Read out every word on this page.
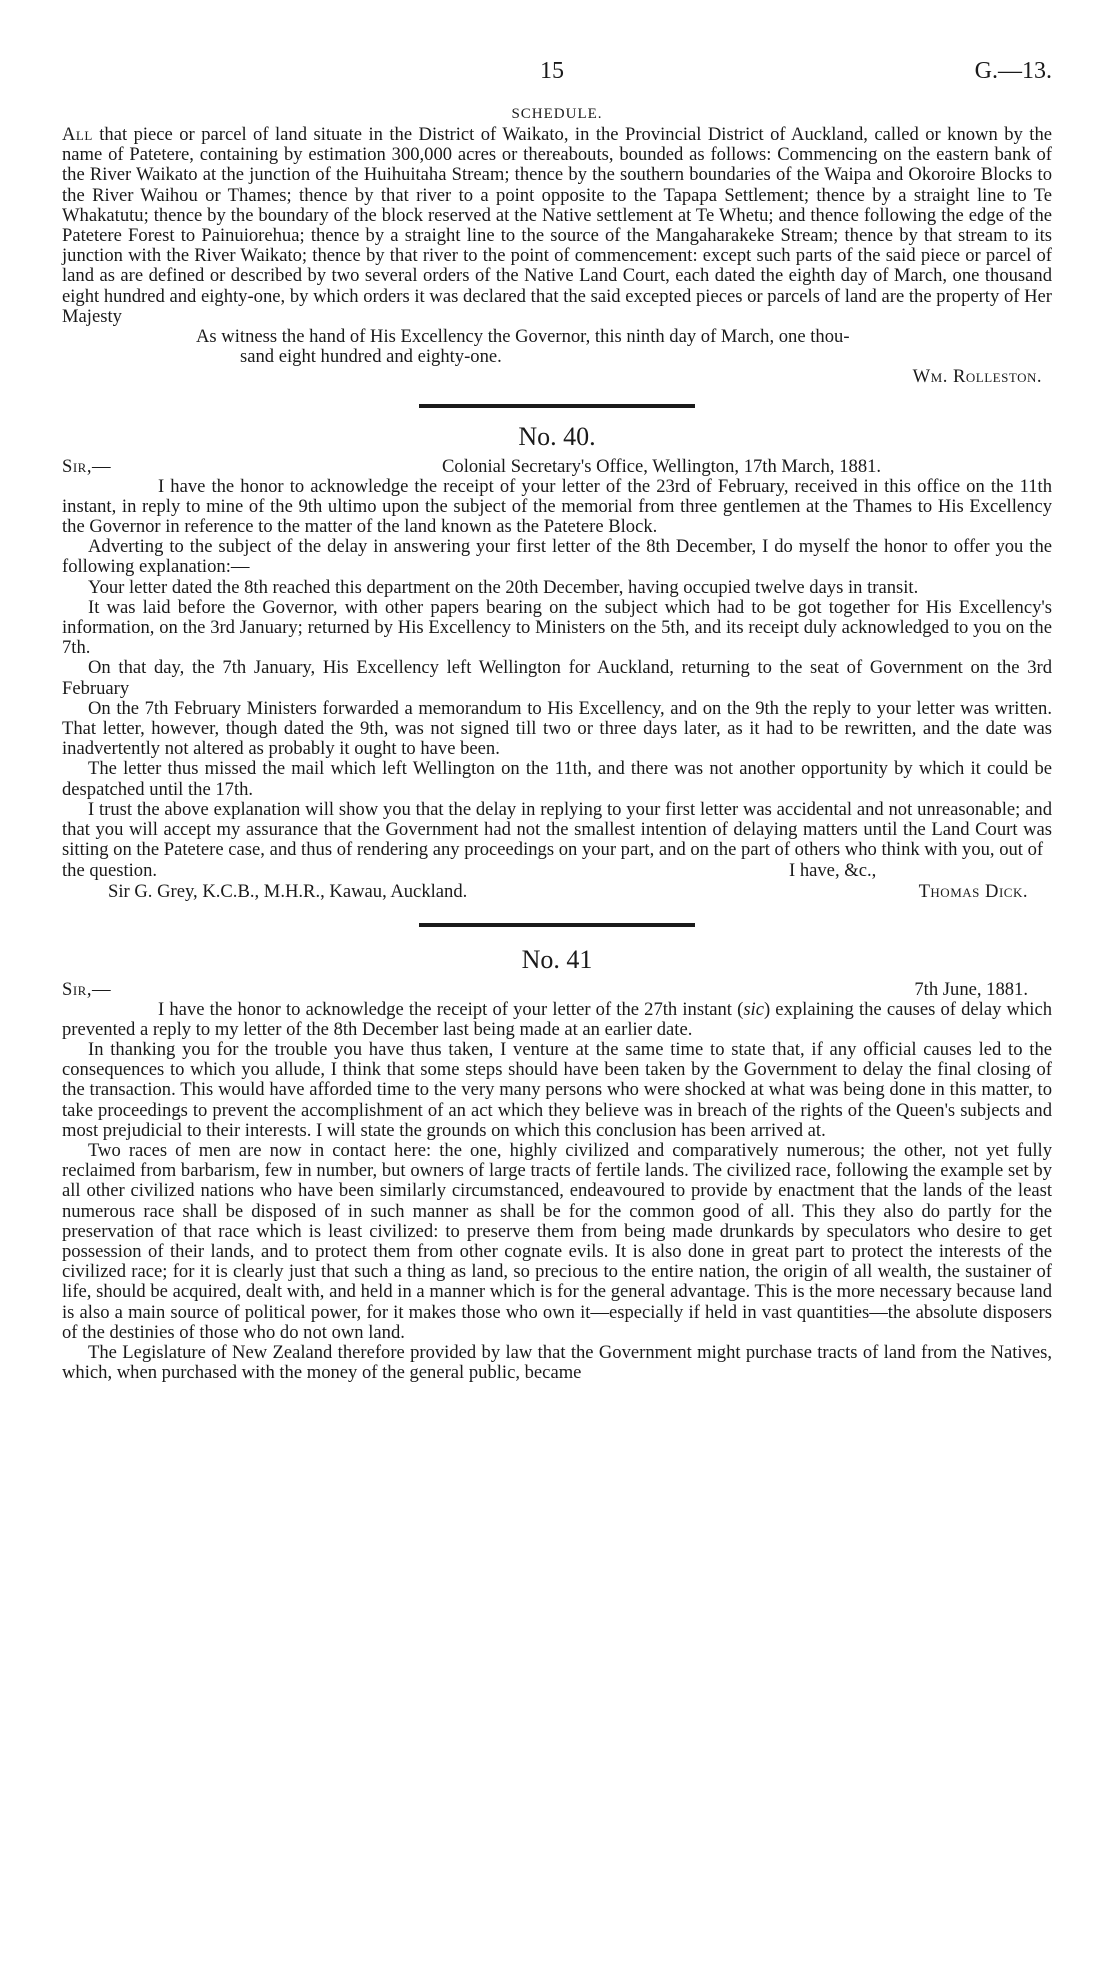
15	G.—13.
SCHEDULE.

All that piece or parcel of land situate in the District of Waikato, in the Provincial District of Auckland, called or known by the name of Patetere, containing by estimation 300,000 acres or thereabouts, bounded as follows: Commencing on the eastern bank of the River Waikato at the junction of the Huihuitaha Stream; thence by the southern boundaries of the Waipa and Okoroire Blocks to the River Waihou or Thames; thence by that river to a point opposite to the Tapapa Settlement; thence by a straight line to Te Whakatutu; thence by the boundary of the block reserved at the Native settlement at Te Whetu; and thence following the edge of the Patetere Forest to Painuiorehua; thence by a straight line to the source of the Mangaharakeke Stream; thence by that stream to its junction with the River Waikato; thence by that river to the point of commencement: except such parts of the said piece or parcel of land as are defined or described by two several orders of the Native Land Court, each dated the eighth day of March, one thousand eight hundred and eighty-one, by which orders it was declared that the said excepted pieces or parcels of land are the property of Her Majesty

As witness the hand of His Excellency the Governor, this ninth day of March, one thou-

sand eight hundred and eighty-one.

Wm. Rolleston.

No. 40.
Sir,—	Colonial Secretary's Office, Wellington, 17th March, 1881.

I have the honor to acknowledge the receipt of your letter of the 23rd of February, received in this office on the 11th instant, in reply to mine of the 9th ultimo upon the subject of the memorial from three gentlemen at the Thames to His Excellency the Governor in reference to the matter of the land known as the Patetere Block.

Adverting to the subject of the delay in answering your first letter of the 8th December, I do myself the honor to offer you the following explanation:—

Your letter dated the 8th reached this department on the 20th December, having occupied twelve days in transit.

It was laid before the Governor, with other papers bearing on the subject which had to be got together for His Excellency's information, on the 3rd January; returned by His Excellency to Ministers on the 5th, and its receipt duly acknowledged to you on the 7th.

On that day, the 7th January, His Excellency left Wellington for Auckland, returning to the seat of Government on the 3rd February

On the 7th February Ministers forwarded a memorandum to His Excellency, and on the 9th the reply to your letter was written. That letter, however, though dated the 9th, was not signed till two or three days later, as it had to be rewritten, and the date was inadvertently not altered as probably it ought to have been.

The letter thus missed the mail which left Wellington on the 11th, and there was not another opportunity by which it could be despatched until the 17th.

I trust the above explanation will show you that the delay in replying to your first letter was accidental and not unreasonable; and that you will accept my assurance that the Government had not the smallest intention of delaying matters until the Land Court was sitting on the Patetere case, and thus of rendering any proceedings on your part, and on the part of others who think with you, out of

the question.	I have, &c.,
Sir G. Grey, K.C.B., M.H.R., Kawau, Auckland.	Thomas Dick.
No. 41
Sir,—	7th June, 1881.

I have the honor to acknowledge the receipt of your letter of the 27th instant (sic) explaining the causes of delay which prevented a reply to my letter of the 8th December last being made at an earlier date.

In thanking you for the trouble you have thus taken, I venture at the same time to state that, if any official causes led to the consequences to which you allude, I think that some steps should have been taken by the Government to delay the final closing of the transaction. This would have afforded time to the very many persons who were shocked at what was being done in this matter, to take proceedings to prevent the accomplishment of an act which they believe was in breach of the rights of the Queen's subjects and most prejudicial to their interests. I will state the grounds on which this conclusion has been arrived at.

Two races of men are now in contact here: the one, highly civilized and comparatively numerous; the other, not yet fully reclaimed from barbarism, few in number, but owners of large tracts of fertile lands. The civilized race, following the example set by all other civilized nations who have been similarly circumstanced, endeavoured to provide by enactment that the lands of the least numerous race shall be disposed of in such manner as shall be for the common good of all. This they also do partly for the preservation of that race which is least civilized: to preserve them from being made drunkards by speculators who desire to get possession of their lands, and to protect them from other cognate evils. It is also done in great part to protect the interests of the civilized race; for it is clearly just that such a thing as land, so precious to the entire nation, the origin of all wealth, the sustainer of life, should be acquired, dealt with, and held in a manner which is for the general advantage. This is the more necessary because land is also a main source of political power, for it makes those who own it—especially if held in vast quantities—the absolute disposers of the destinies of those who do not own land.

The Legislature of New Zealand therefore provided by law that the Government might purchase tracts of land from the Natives, which, when purchased with the money of the general public, became
